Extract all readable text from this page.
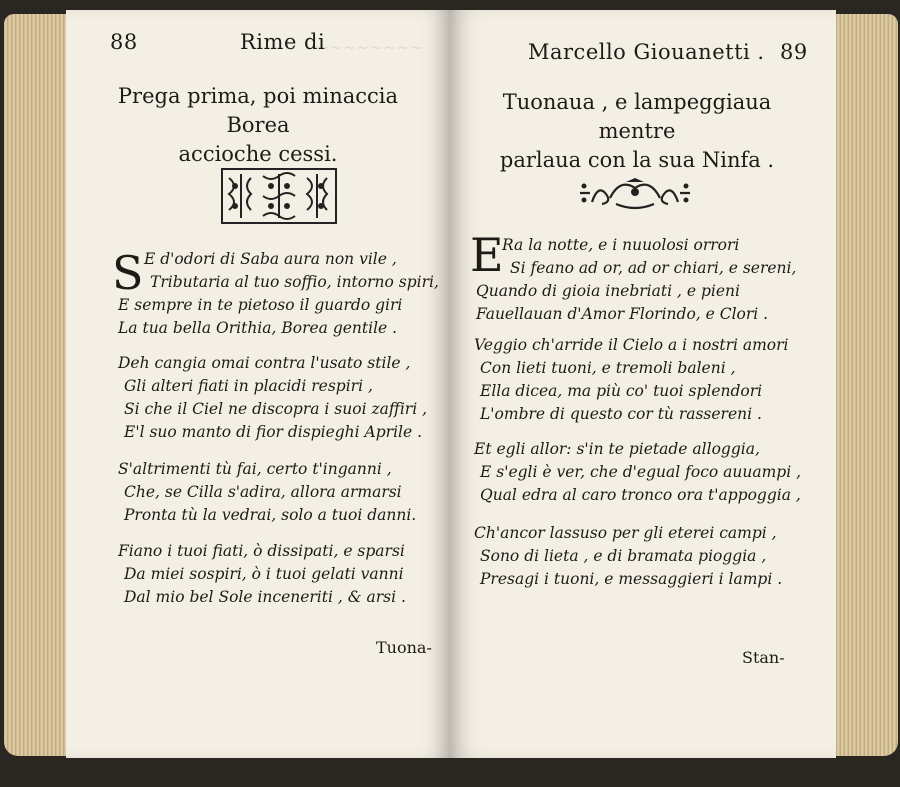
~~~~~~~~
88	Rime di
Prega prima, poi minaccia Borea
accioche cessi.
S E d'odori di Saba aura non vile ,
Tributaria al tuo soffio, intorno spiri,
E sempre in te pietoso il guardo giri
La tua bella Orithia, Borea gentile .
Deh cangia omai contra l'usato stile ,
Gli alteri fiati in placidi respiri ,
Si che il Ciel ne discopra i suoi zaffiri ,
E'l suo manto di fior dispieghi Aprile .
S'altrimenti tù fai, certo t'inganni ,
Che, se Cilla s'adira, allora armarsi
Pronta tù la vedrai, solo a tuoi danni.
Fiano i tuoi fiati, ò dissipati, e sparsi
Da miei sospiri, ò i tuoi gelati vanni
Dal mio bel Sole inceneriti , & arsi .
Tuona-
89
Marcello Giouanetti .
Tuonaua , e lampeggiaua mentre
parlaua con la sua Ninfa .
E
Ra la notte, e i nuuolosi orrori
Si feano ad or, ad or chiari, e sereni,
Quando di gioia inebriati , e pieni
Fauellauan d'Amor Florindo, e Clori .
Veggio ch'arride il Cielo a i nostri amori
Con lieti tuoni, e tremoli baleni ,
Ella dicea, ma più co' tuoi splendori
L'ombre di questo cor tù rassereni .
Et egli allor: s'in te pietade alloggia,
E s'egli è ver, che d'egual foco auuampi ,
Qual edra al caro tronco ora t'appoggia ,
Ch'ancor lassuso per gli eterei campi ,
Sono di lieta , e di bramata pioggia ,
Presagi i tuoni, e messaggieri i lampi .
Stan-
